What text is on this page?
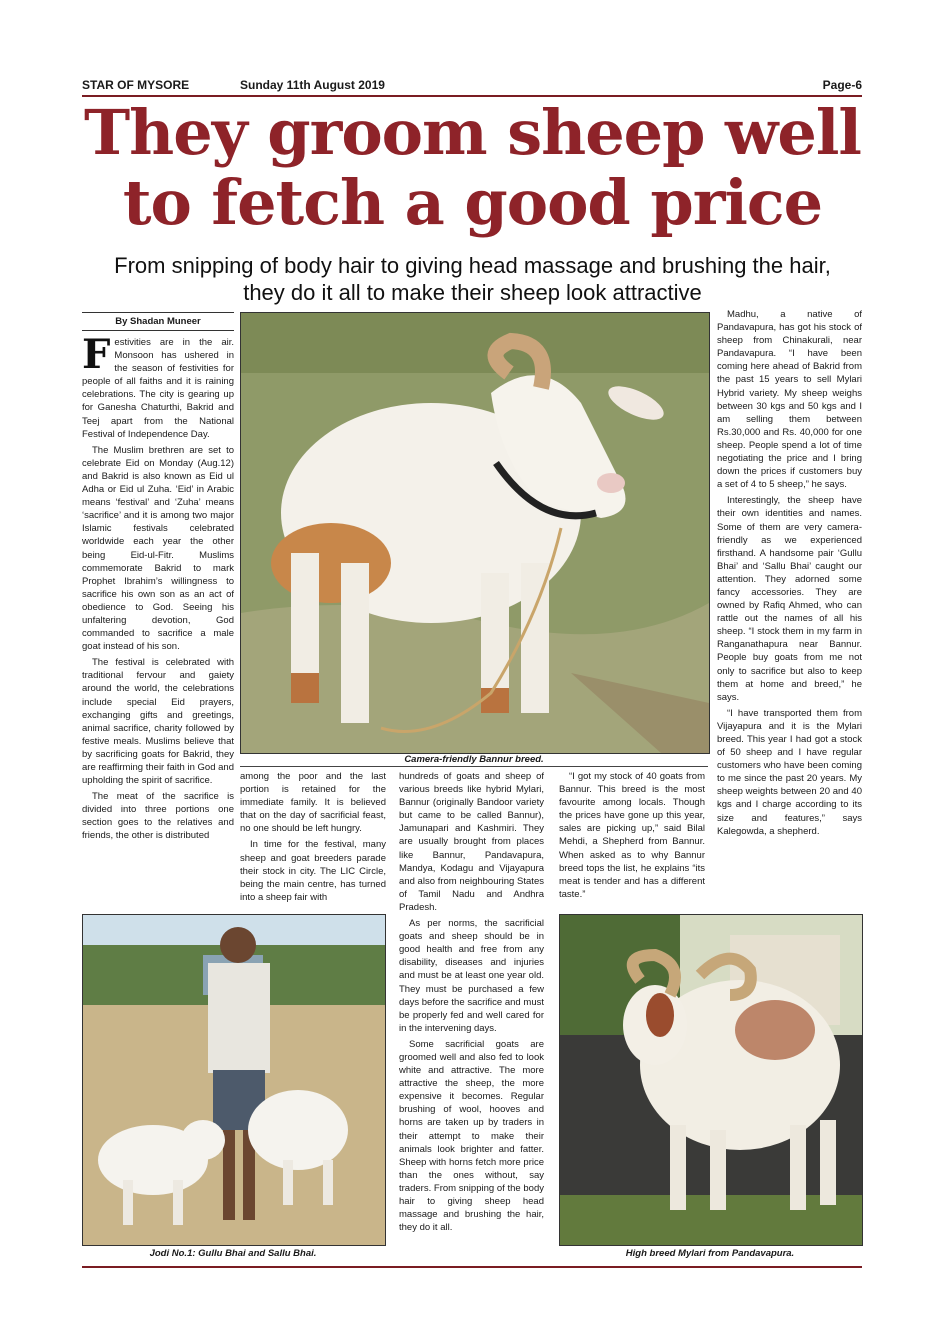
STAR OF MYSORE	Sunday 11th August 2019	Page-6
They groom sheep well
to fetch a good price
From snipping of body hair to giving head massage and brushing the hair,
they do it all to make their sheep look attractive
By Shadan Muneer

Festivities are in the air. Monsoon has ushered in the season of festivities for people of all faiths and it is raining celebrations. The city is gearing up for Ganesha Chaturthi, Bakrid and Teej apart from the National Festival of Independence Day.

The Muslim brethren are set to celebrate Eid on Monday (Aug.12) and Bakrid is also known as Eid ul Adha or Eid ul Zuha. ‘Eid’ in Arabic means ‘festival’ and ‘Zuha’ means ‘sacrifice’ and it is among two major Islamic festivals celebrated worldwide each year the other being Eid-ul-Fitr. Muslims commemorate Bakrid to mark Prophet Ibrahim’s willingness to sacrifice his own son as an act of obedience to God. Seeing his unfaltering devotion, God commanded to sacrifice a male goat instead of his son.

The festival is celebrated with traditional fervour and gaiety around the world, the celebrations include special Eid prayers, exchanging gifts and greetings, animal sacrifice, charity followed by festive meals. Muslims believe that by sacrificing goats for Bakrid, they are reaffirming their faith in God and upholding the spirit of sacrifice.

The meat of the sacrifice is divided into three portions one section goes to the relatives and friends, the other is distributed

Camera-friendly Bannur breed.

among the poor and the last portion is retained for the immediate family. It is believed that on the day of sacrificial feast, no one should be left hungry.

In time for the festival, many sheep and goat breeders parade their stock in city. The LIC Circle, being the main centre, has turned into a sheep fair with

hundreds of goats and sheep of various breeds like hybrid Mylari, Bannur (originally Bandoor variety but came to be called Bannur), Jamunapari and Kashmiri. They are usually brought from places like Bannur, Pandavapura, Mandya, Kodagu and Vijayapura and also from neighbouring States of Tamil Nadu and Andhra Pradesh.

As per norms, the sacrificial goats and sheep should be in good health and free from any disability, diseases and injuries and must be at least one year old. They must be purchased a few days before the sacrifice and must be properly fed and well cared for in the intervening days.

Some sacrificial goats are groomed well and also fed to look white and attractive. The more attractive the sheep, the more expensive it becomes. Regular brushing of wool, hooves and horns are taken up by traders in their attempt to make their animals look brighter and fatter. Sheep with horns fetch more price than the ones without, say traders. From snipping of the body hair to giving sheep head massage and brushing the hair, they do it all.

“I got my stock of 40 goats from Bannur. This breed is the most favourite among locals. Though the prices have gone up this year, sales are picking up,” said Bilal Mehdi, a Shepherd from Bannur. When asked as to why Bannur breed tops the list, he explains “its meat is tender and has a different taste.”

Madhu, a native of Pandavapura, has got his stock of sheep from Chinakurali, near Pandavapura. “I have been coming here ahead of Bakrid from the past 15 years to sell Mylari Hybrid variety. My sheep weighs between 30 kgs and 50 kgs and I am selling them between Rs.30,000 and Rs. 40,000 for one sheep. People spend a lot of time negotiating the price and I bring down the prices if customers buy a set of 4 to 5 sheep,” he says.

Interestingly, the sheep have their own identities and names. Some of them are very camera-friendly as we experienced firsthand. A handsome pair ‘Gullu Bhai’ and ‘Sallu Bhai’ caught our attention. They adorned some fancy accessories. They are owned by Rafiq Ahmed, who can rattle out the names of all his sheep. “I stock them in my farm in Ranganathapura near Bannur. People buy goats from me not only to sacrifice but also to keep them at home and breed,” he says.

“I have transported them from Vijayapura and it is the Mylari breed. This year I had got a stock of 50 sheep and I have regular customers who have been coming to me since the past 20 years. My sheep weights between 20 and 40 kgs and I charge according to its size and features,” says Kalegowda, a shepherd.

Jodi No.1: Gullu Bhai and Sallu Bhai.	High breed Mylari from Pandavapura.
